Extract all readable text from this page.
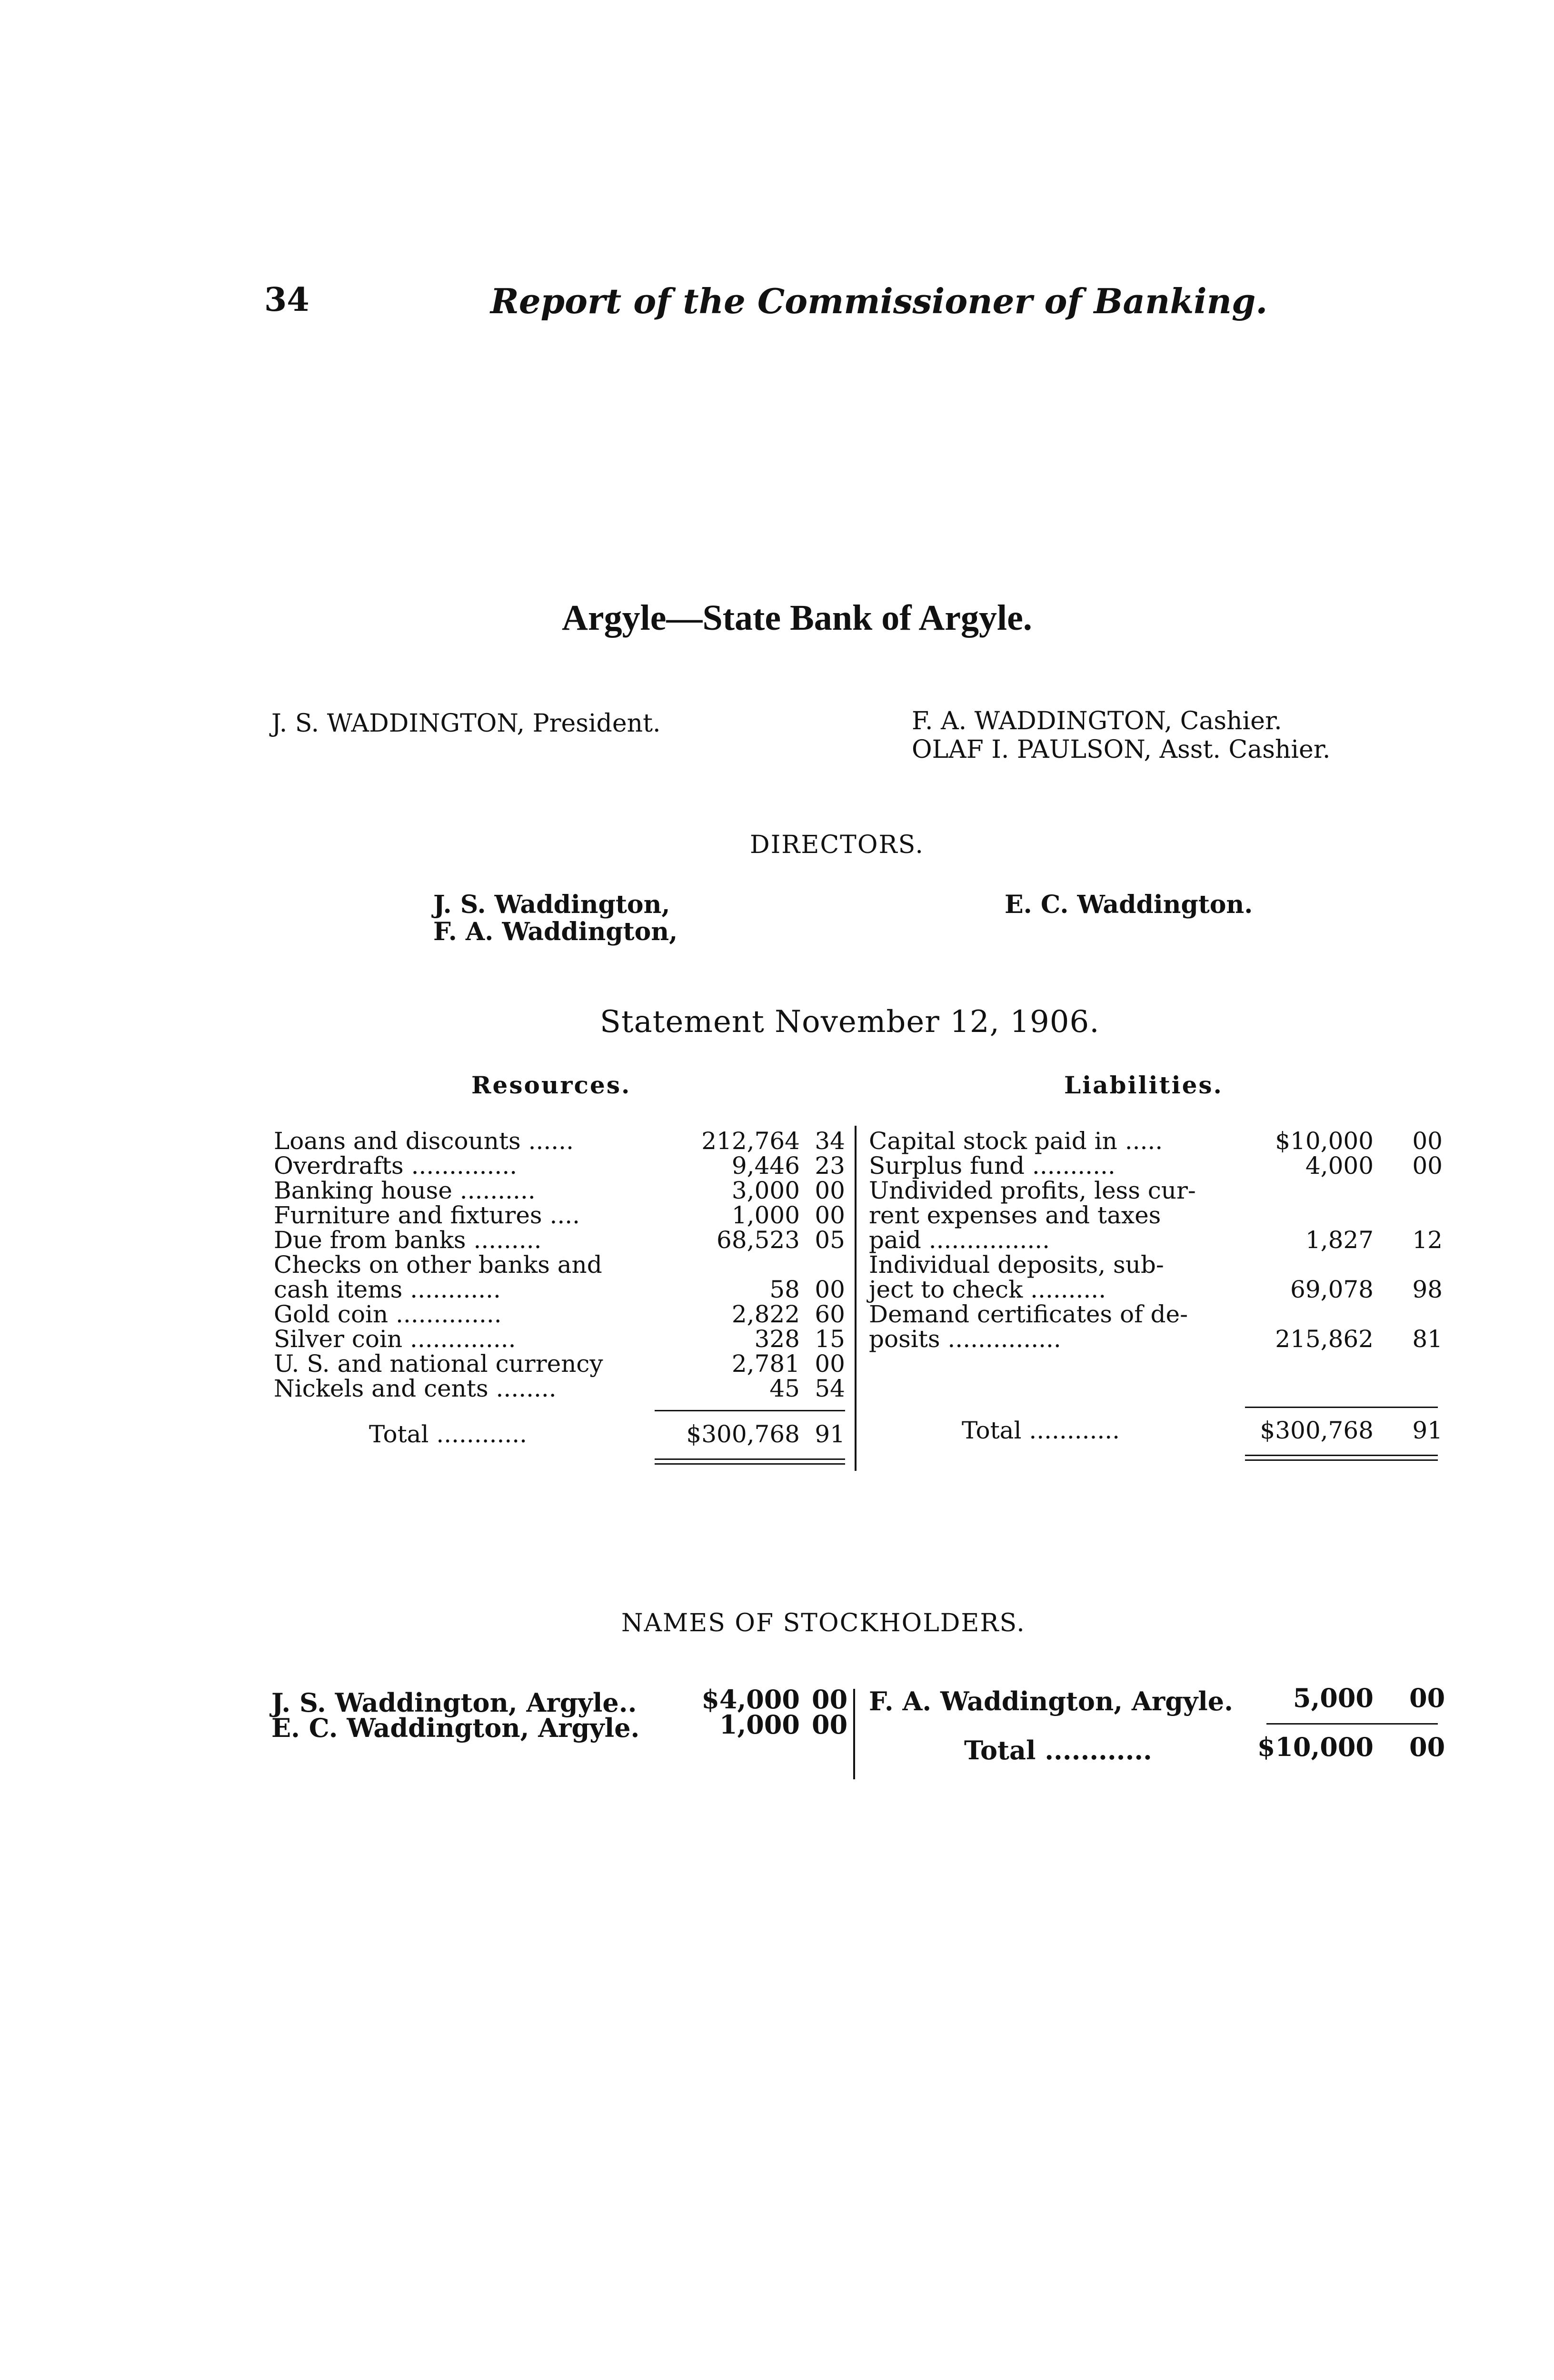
34	Report of the Commissioner of Banking.
Argyle—State Bank of Argyle.
J. S. WADDINGTON, President.	F. A. WADDINGTON, Cashier.
OLAF I. PAULSON, Asst. Cashier.
DIRECTORS.
J. S. Waddington,
F. A. Waddington,
E. C. Waddington.
Statement November 12, 1906.
Resources.	Liabilities.
Loans and discounts ......	212,764 34
Overdrafts ..............	9,446 23
Banking house ..........	3,000 00
Furniture and fixtures ....	1,000 00
Due from banks .........	68,523 05
Checks on other banks and
cash items ............	58 00
Gold coin ..............	2,822 60
Silver coin ..............	328 15
U. S. and national currency	2,781 00
Nickels and cents ........	45 54
Total ............	$300,768 91
Capital stock paid in .....	$10,000 00
Surplus fund ...........	4,000 00
Undivided profits, less cur-
rent expenses and taxes
paid ................	1,827 12
Individual deposits, sub-
ject to check ..........	69,078 98
Demand certificates of de-
posits ...............	215,862 81
Total ............	$300,768 91
NAMES OF STOCKHOLDERS.
J. S. Waddington, Argyle..	$4,000 00
E. C. Waddington, Argyle.	1,000 00
F. A. Waddington, Argyle.	5,000 00
Total ............	$10,000 00
